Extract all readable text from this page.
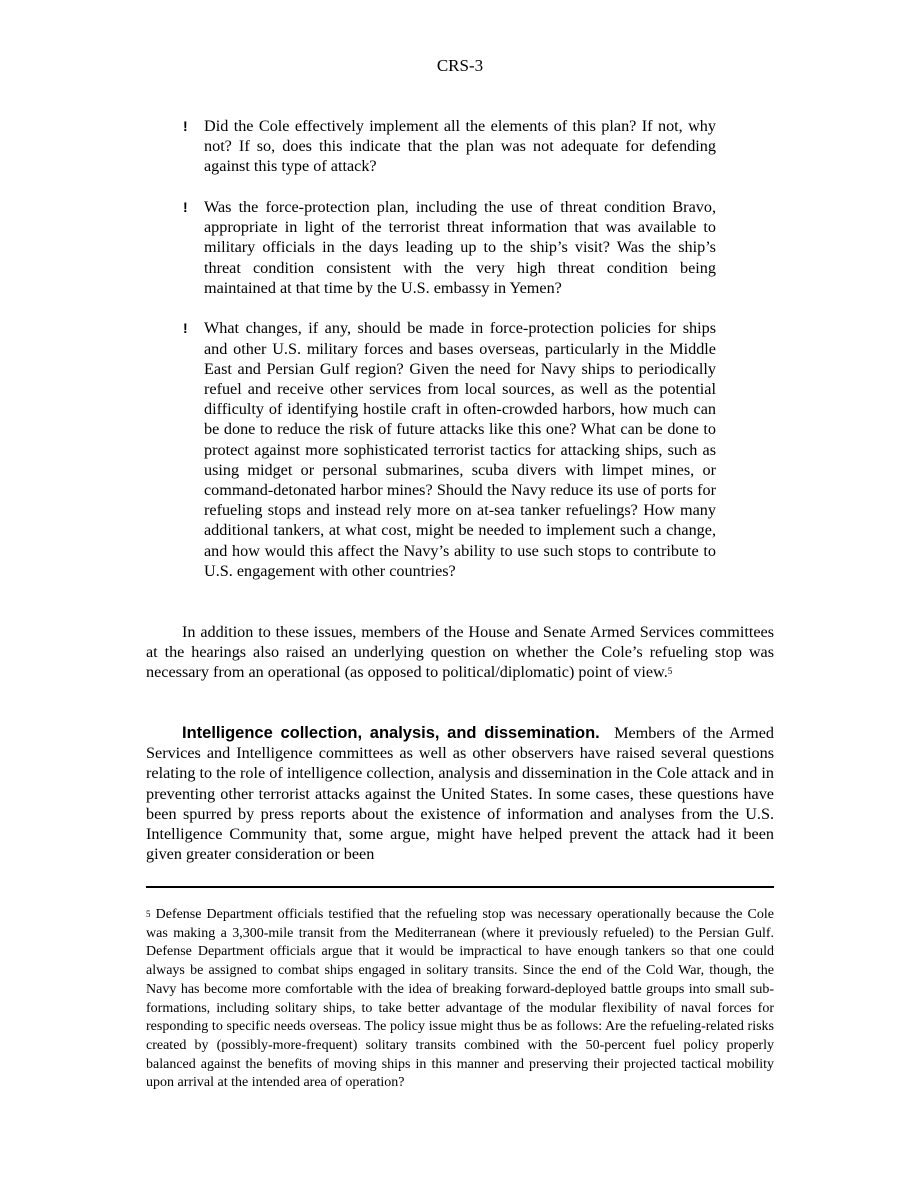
CRS-3
! Did the Cole effectively implement all the elements of this plan? If not, why not? If so, does this indicate that the plan was not adequate for defending against this type of attack?
! Was the force-protection plan, including the use of threat condition Bravo, appropriate in light of the terrorist threat information that was available to military officials in the days leading up to the ship’s visit? Was the ship’s threat condition consistent with the very high threat condition being maintained at that time by the U.S. embassy in Yemen?
! What changes, if any, should be made in force-protection policies for ships and other U.S. military forces and bases overseas, particularly in the Middle East and Persian Gulf region? Given the need for Navy ships to periodically refuel and receive other services from local sources, as well as the potential difficulty of identifying hostile craft in often-crowded harbors, how much can be done to reduce the risk of future attacks like this one? What can be done to protect against more sophisticated terrorist tactics for attacking ships, such as using midget or personal submarines, scuba divers with limpet mines, or command-detonated harbor mines? Should the Navy reduce its use of ports for refueling stops and instead rely more on at-sea tanker refuelings? How many additional tankers, at what cost, might be needed to implement such a change, and how would this affect the Navy’s ability to use such stops to contribute to U.S. engagement with other countries?
In addition to these issues, members of the House and Senate Armed Services committees at the hearings also raised an underlying question on whether the Cole’s refueling stop was necessary from an operational (as opposed to political/diplomatic) point of view.$^5$
Intelligence collection, analysis, and dissemination. Members of the Armed Services and Intelligence committees as well as other observers have raised several questions relating to the role of intelligence collection, analysis and dissemination in the Cole attack and in preventing other terrorist attacks against the United States. In some cases, these questions have been spurred by press reports about the existence of information and analyses from the U.S. Intelligence Community that, some argue, might have helped prevent the attack had it been given greater consideration or been
$^5$ Defense Department officials testified that the refueling stop was necessary operationally because the Cole was making a 3,300-mile transit from the Mediterranean (where it previously refueled) to the Persian Gulf. Defense Department officials argue that it would be impractical to have enough tankers so that one could always be assigned to combat ships engaged in solitary transits. Since the end of the Cold War, though, the Navy has become more comfortable with the idea of breaking forward-deployed battle groups into small sub-formations, including solitary ships, to take better advantage of the modular flexibility of naval forces for responding to specific needs overseas. The policy issue might thus be as follows: Are the refueling-related risks created by (possibly-more-frequent) solitary transits combined with the 50-percent fuel policy properly balanced against the benefits of moving ships in this manner and preserving their projected tactical mobility upon arrival at the intended area of operation?
